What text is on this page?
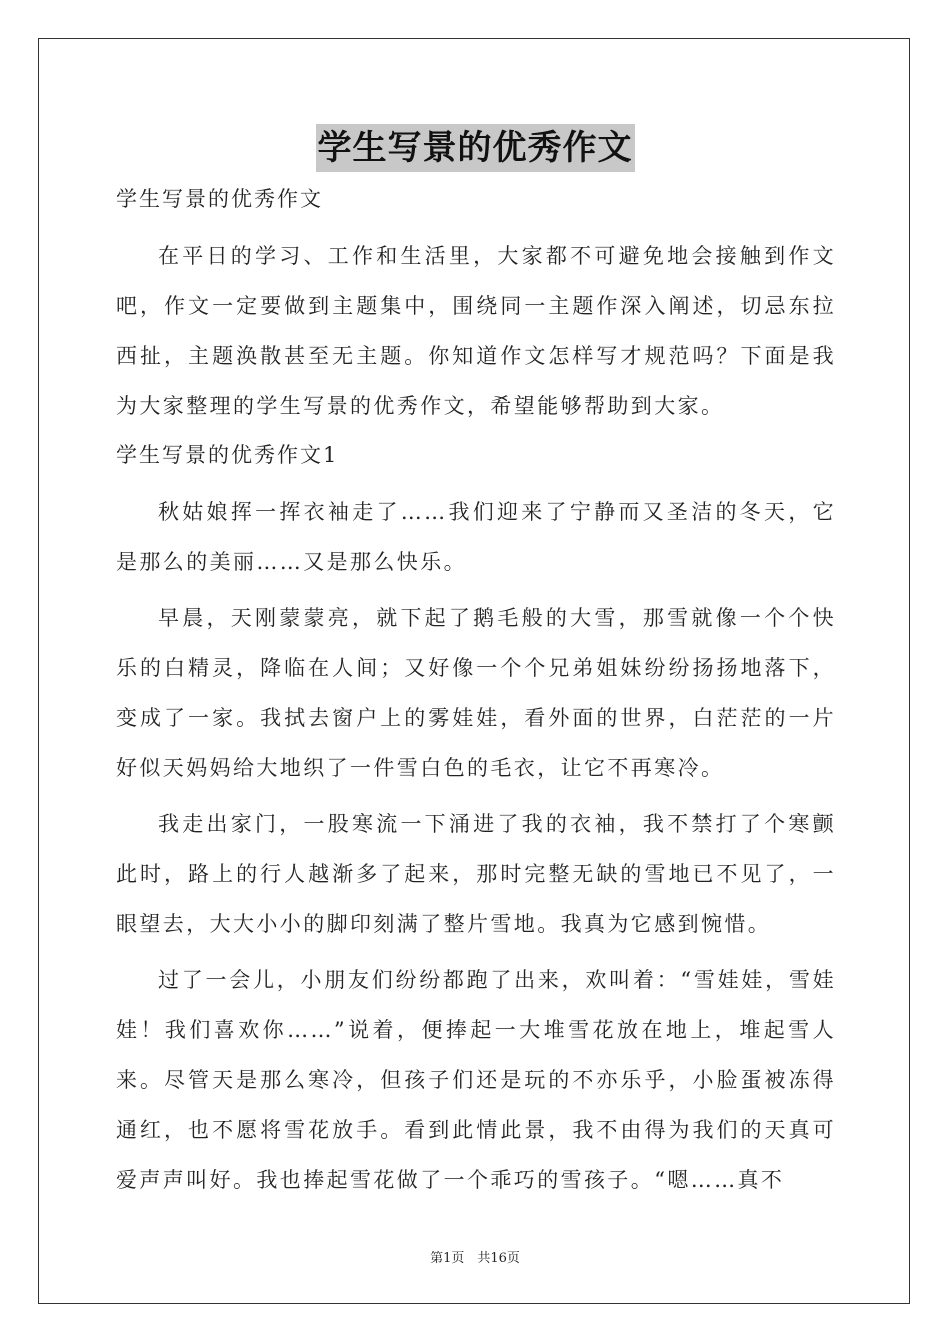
学生写景的优秀作文
学生写景的优秀作文

在平日的学习、工作和生活里，大家都不可避免地会接触到作文吧，作文一定要做到主题集中，围绕同一主题作深入阐述，切忌东拉西扯，主题涣散甚至无主题。你知道作文怎样写才规范吗？下面是我为大家整理的学生写景的优秀作文，希望能够帮助到大家。

学生写景的优秀作文1

秋姑娘挥一挥衣袖走了……我们迎来了宁静而又圣洁的冬天，它是那么的美丽……又是那么快乐。

早晨，天刚蒙蒙亮，就下起了鹅毛般的大雪，那雪就像一个个快乐的白精灵，降临在人间；又好像一个个兄弟姐妹纷纷扬扬地落下，变成了一家。我拭去窗户上的雾娃娃，看外面的世界，白茫茫的一片好似天妈妈给大地织了一件雪白色的毛衣，让它不再寒冷。

我走出家门，一股寒流一下涌进了我的衣袖，我不禁打了个寒颤此时，路上的行人越渐多了起来，那时完整无缺的雪地已不见了，一眼望去，大大小小的脚印刻满了整片雪地。我真为它感到惋惜。

过了一会儿，小朋友们纷纷都跑了出来，欢叫着：“雪娃娃，雪娃娃！我们喜欢你……”说着，便捧起一大堆雪花放在地上，堆起雪人来。尽管天是那么寒冷，但孩子们还是玩的不亦乐乎，小脸蛋被冻得通红，也不愿将雪花放手。看到此情此景，我不由得为我们的天真可爱声声叫好。我也捧起雪花做了一个乖巧的雪孩子。“嗯……真不

第1页　共16页
